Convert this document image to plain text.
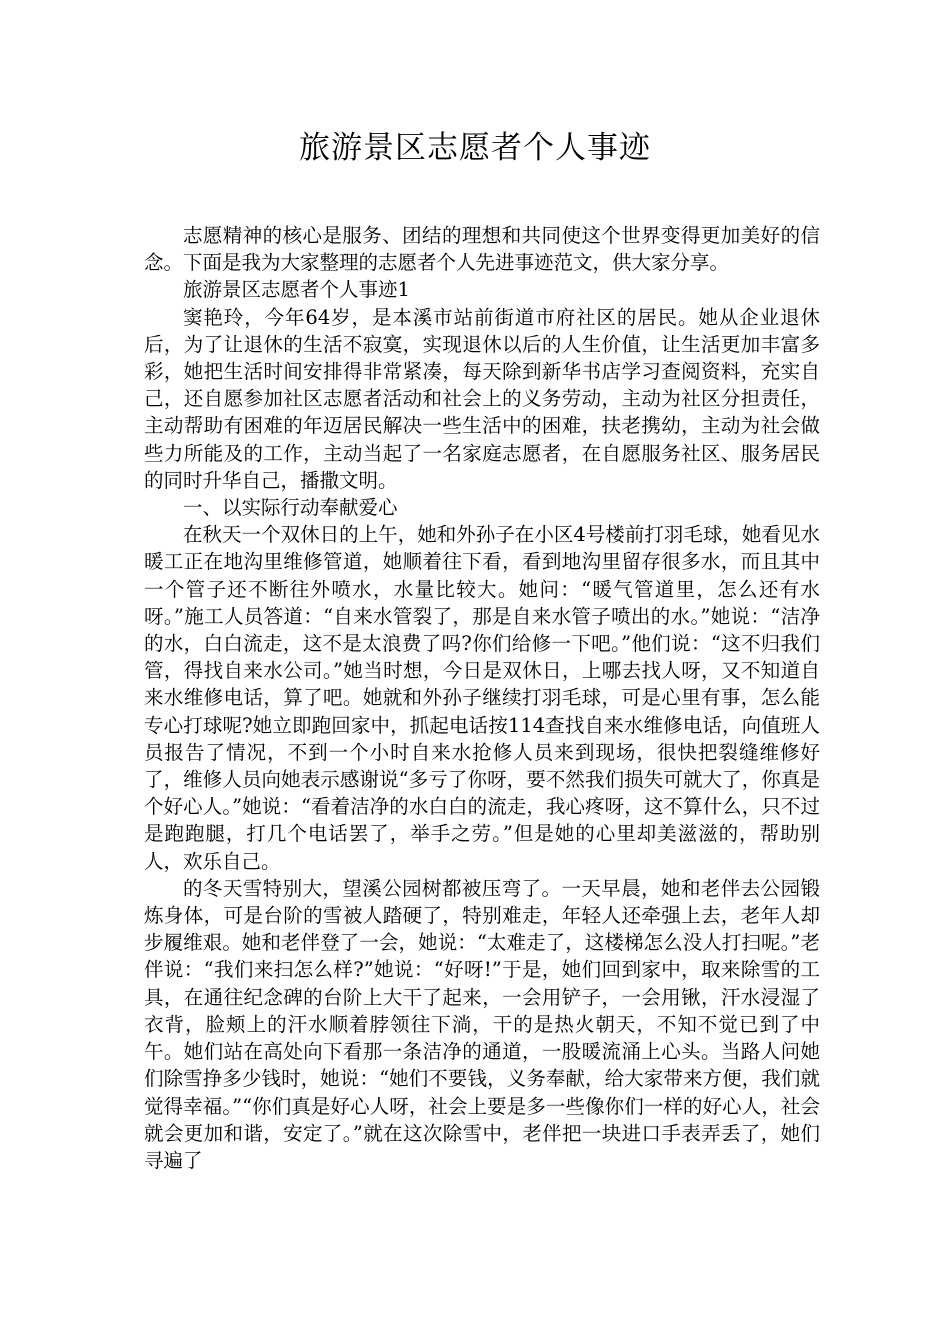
旅游景区志愿者个人事迹

志愿精神的核心是服务、团结的理想和共同使这个世界变得更加美好的信念。下面是我为大家整理的志愿者个人先进事迹范文，供大家分享。

旅游景区志愿者个人事迹1

窦艳玲，今年64岁，是本溪市站前街道市府社区的居民。她从企业退休后，为了让退休的生活不寂寞，实现退休以后的人生价值，让生活更加丰富多彩，她把生活时间安排得非常紧凑，每天除到新华书店学习查阅资料，充实自己，还自愿参加社区志愿者活动和社会上的义务劳动，主动为社区分担责任，主动帮助有困难的年迈居民解决一些生活中的困难，扶老携幼，主动为社会做些力所能及的工作，主动当起了一名家庭志愿者，在自愿服务社区、服务居民的同时升华自己，播撒文明。

一、以实际行动奉献爱心

在秋天一个双休日的上午，她和外孙子在小区4号楼前打羽毛球，她看见水暖工正在地沟里维修管道，她顺着往下看，看到地沟里留存很多水，而且其中一个管子还不断往外喷水，水量比较大。她问：“暖气管道里，怎么还有水呀。”施工人员答道：“自来水管裂了，那是自来水管子喷出的水。”她说：“洁净的水，白白流走，这不是太浪费了吗?你们给修一下吧。”他们说：“这不归我们管，得找自来水公司。”她当时想，今日是双休日，上哪去找人呀，又不知道自来水维修电话，算了吧。她就和外孙子继续打羽毛球，可是心里有事，怎么能专心打球呢?她立即跑回家中，抓起电话按114查找自来水维修电话，向值班人员报告了情况，不到一个小时自来水抢修人员来到现场，很快把裂缝维修好了，维修人员向她表示感谢说“多亏了你呀，要不然我们损失可就大了，你真是个好心人。”她说：“看着洁净的水白白的流走，我心疼呀，这不算什么，只不过是跑跑腿，打几个电话罢了，举手之劳。”但是她的心里却美滋滋的，帮助别人，欢乐自己。

的冬天雪特别大，望溪公园树都被压弯了。一天早晨，她和老伴去公园锻炼身体，可是台阶的雪被人踏硬了，特别难走，年轻人还牵强上去，老年人却步履维艰。她和老伴登了一会，她说：“太难走了，这楼梯怎么没人打扫呢。”老伴说：“我们来扫怎么样?”她说：“好呀!”于是，她们回到家中，取来除雪的工具，在通往纪念碑的台阶上大干了起来，一会用铲子，一会用锹，汗水浸湿了衣背，脸颊上的汗水顺着脖领往下淌，干的是热火朝天，不知不觉已到了中午。她们站在高处向下看那一条洁净的通道，一股暖流涌上心头。当路人问她们除雪挣多少钱时，她说：“她们不要钱，义务奉献，给大家带来方便，我们就觉得幸福。”“你们真是好心人呀，社会上要是多一些像你们一样的好心人，社会就会更加和谐，安定了。”就在这次除雪中，老伴把一块进口手表弄丢了，她们寻遍了
